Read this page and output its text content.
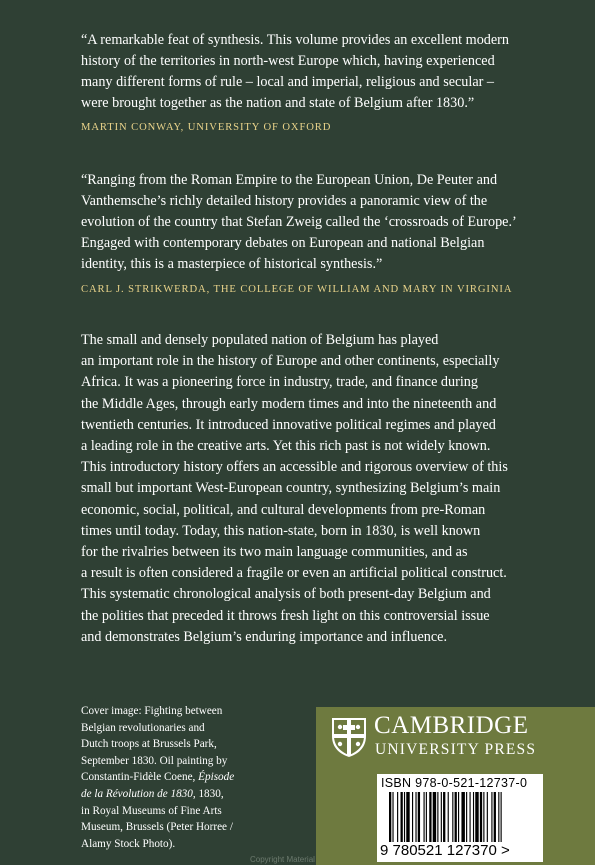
“A remarkable feat of synthesis. This volume provides an excellent modern
history of the territories in north-west Europe which, having experienced
many different forms of rule – local and imperial, religious and secular –
were brought together as the nation and state of Belgium after 1830.”

MARTIN CONWAY, UNIVERSITY OF OXFORD

“Ranging from the Roman Empire to the European Union, De Peuter and
Vanthemsche’s richly detailed history provides a panoramic view of the
evolution of the country that Stefan Zweig called the ‘crossroads of Europe.’
Engaged with contemporary debates on European and national Belgian
identity, this is a masterpiece of historical synthesis.”

CARL J. STRIKWERDA, THE COLLEGE OF WILLIAM AND MARY IN VIRGINIA

The small and densely populated nation of Belgium has played
an important role in the history of Europe and other continents, especially
Africa. It was a pioneering force in industry, trade, and finance during
the Middle Ages, through early modern times and into the nineteenth and
twentieth centuries. It introduced innovative political regimes and played
a leading role in the creative arts. Yet this rich past is not widely known.
This introductory history offers an accessible and rigorous overview of this
small but important West-European country, synthesizing Belgium’s main
economic, social, political, and cultural developments from pre-Roman
times until today. Today, this nation-state, born in 1830, is well known
for the rivalries between its two main language communities, and as
a result is often considered a fragile or even an artificial political construct.
This systematic chronological analysis of both present-day Belgium and
the polities that preceded it throws fresh light on this controversial issue
and demonstrates Belgium’s enduring importance and influence.

Cover image: Fighting between
Belgian revolutionaries and
Dutch troops at Brussels Park,
September 1830. Oil painting by
Constantin-Fidèle Coene, Épisode
de la Révolution de 1830, 1830,
in Royal Museums of Fine Arts
Museum, Brussels (Peter Horree /
Alamy Stock Photo).
CAMBRIDGE
UNIVERSITY PRESS
ISBN 978-0-521-12737-0
9 780521 127370 >
Copyright Material
